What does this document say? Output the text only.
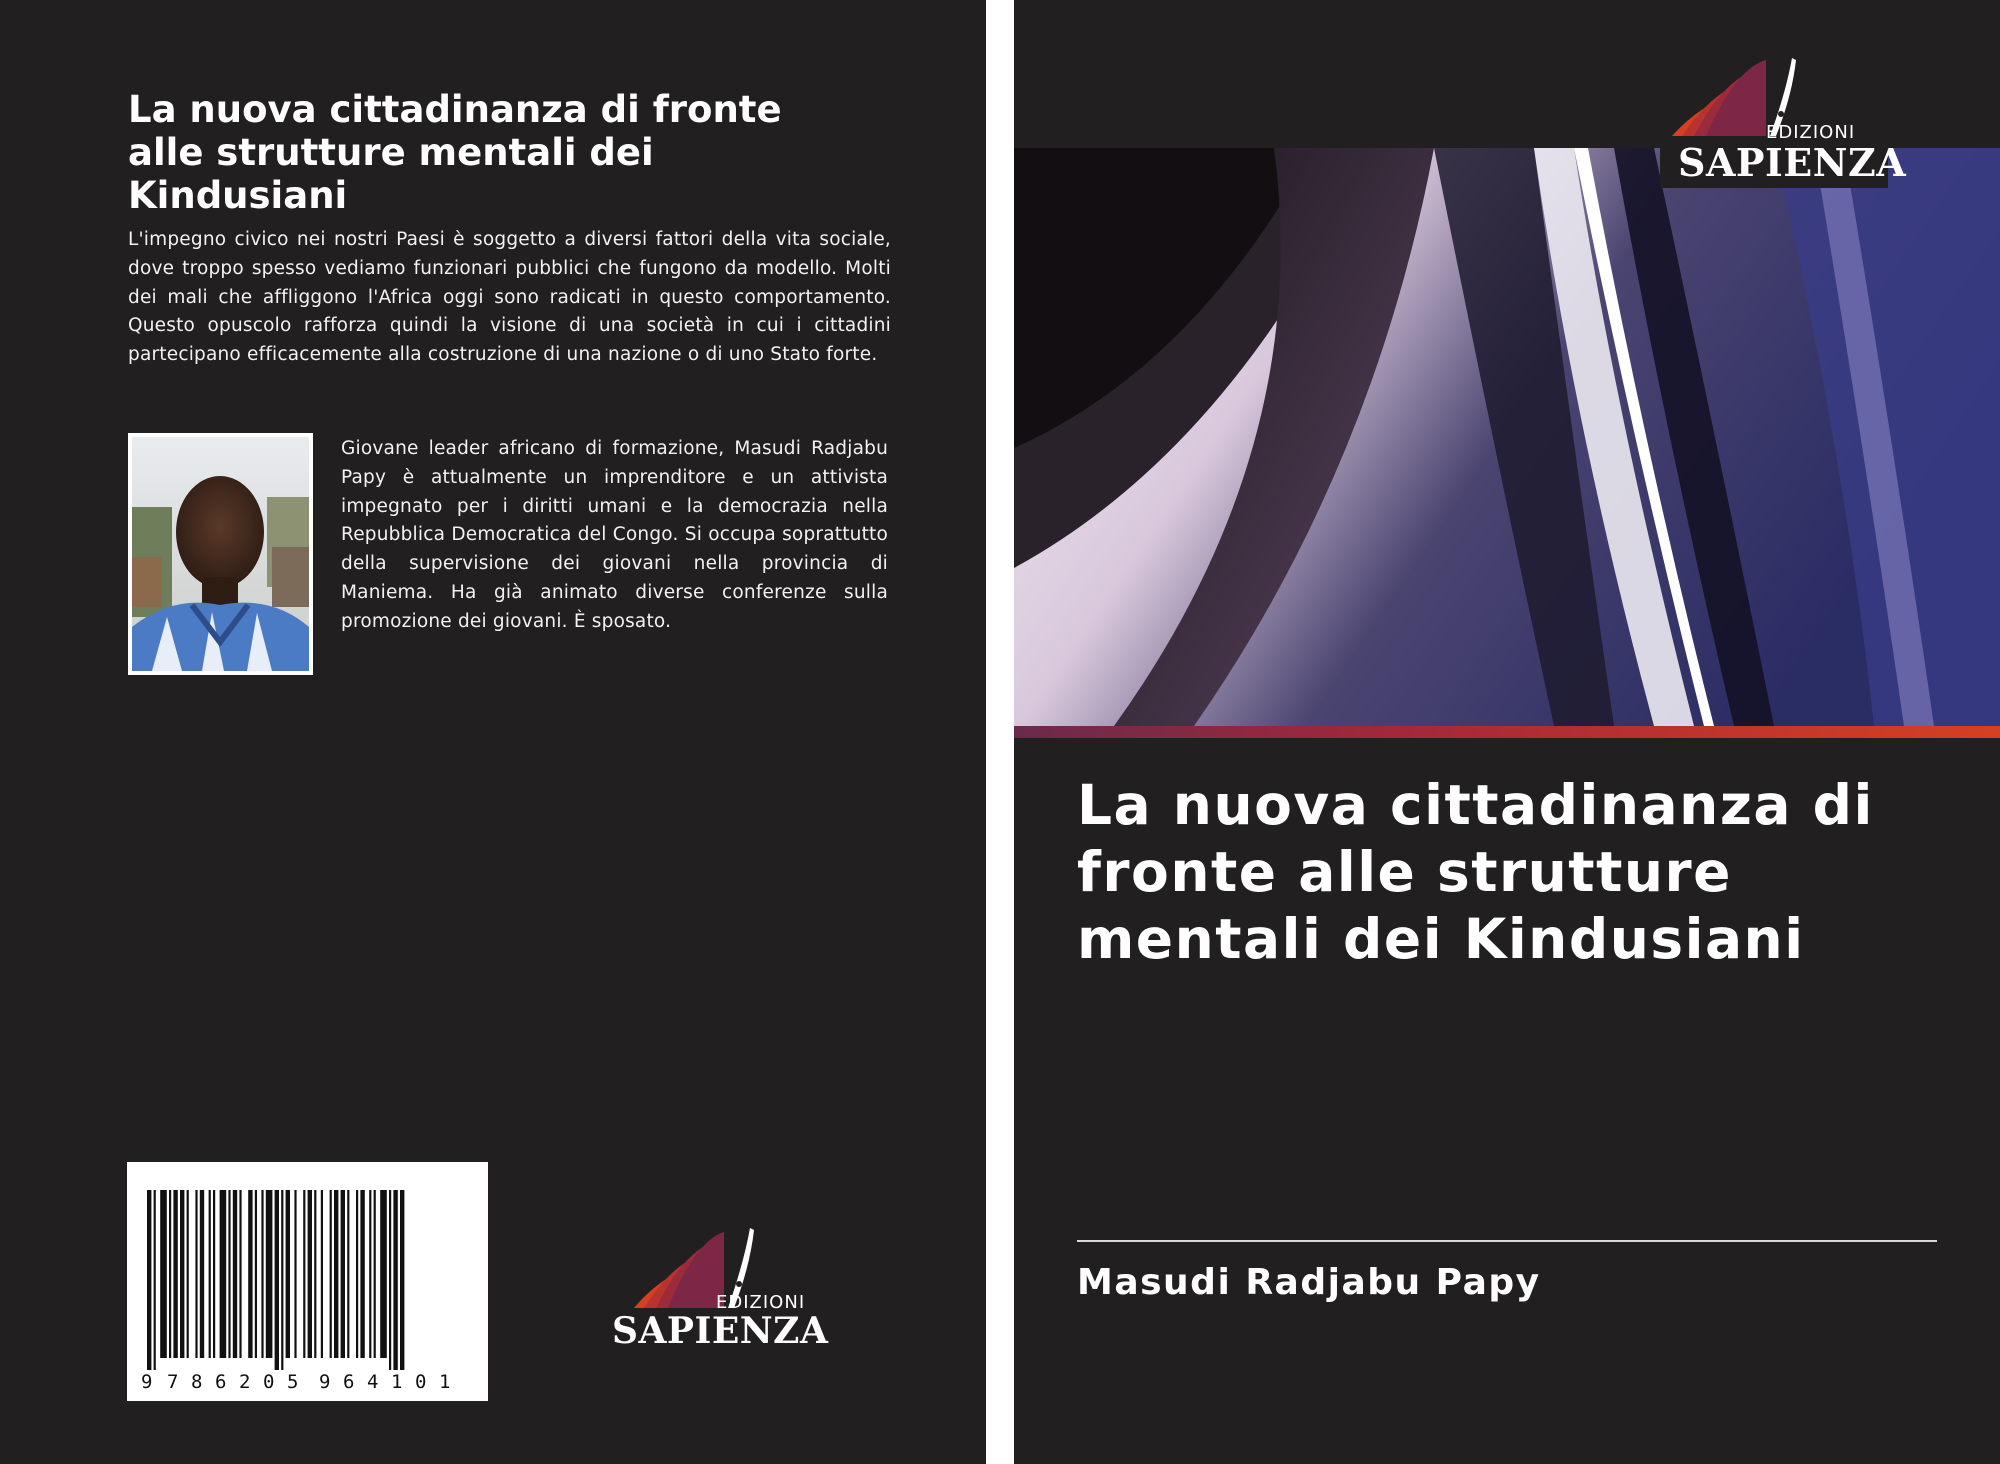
La nuova cittadinanza di fronte alle strutture mentali dei Kindusiani

L'impegno civico nei nostri Paesi è soggetto a diversi fattori della vita sociale, dove troppo spesso vediamo funzionari pubblici che fungono da modello. Molti dei mali che affliggono l'Africa oggi sono radicati in questo comportamento. Questo opuscolo rafforza quindi la visione di una società in cui i cittadini partecipano efficacemente alla costruzione di una nazione o di uno Stato forte.

Giovane leader africano di formazione, Masudi Radjabu Papy è attualmente un imprenditore e un attivista impegnato per i diritti umani e la democrazia nella Repubblica Democratica del Congo. Si occupa soprattutto della supervisione dei giovani nella provincia di Maniema. Ha già animato diverse conferenze sulla promozione dei giovani. È sposato.

9 7 8 6 2 0 5 9 6 4 1 0 1
EDIZIONI
SAPIENZA
EDIZIONI
SAPIENZA
La nuova cittadinanza di fronte alle strutture mentali dei Kindusiani

Masudi Radjabu Papy
